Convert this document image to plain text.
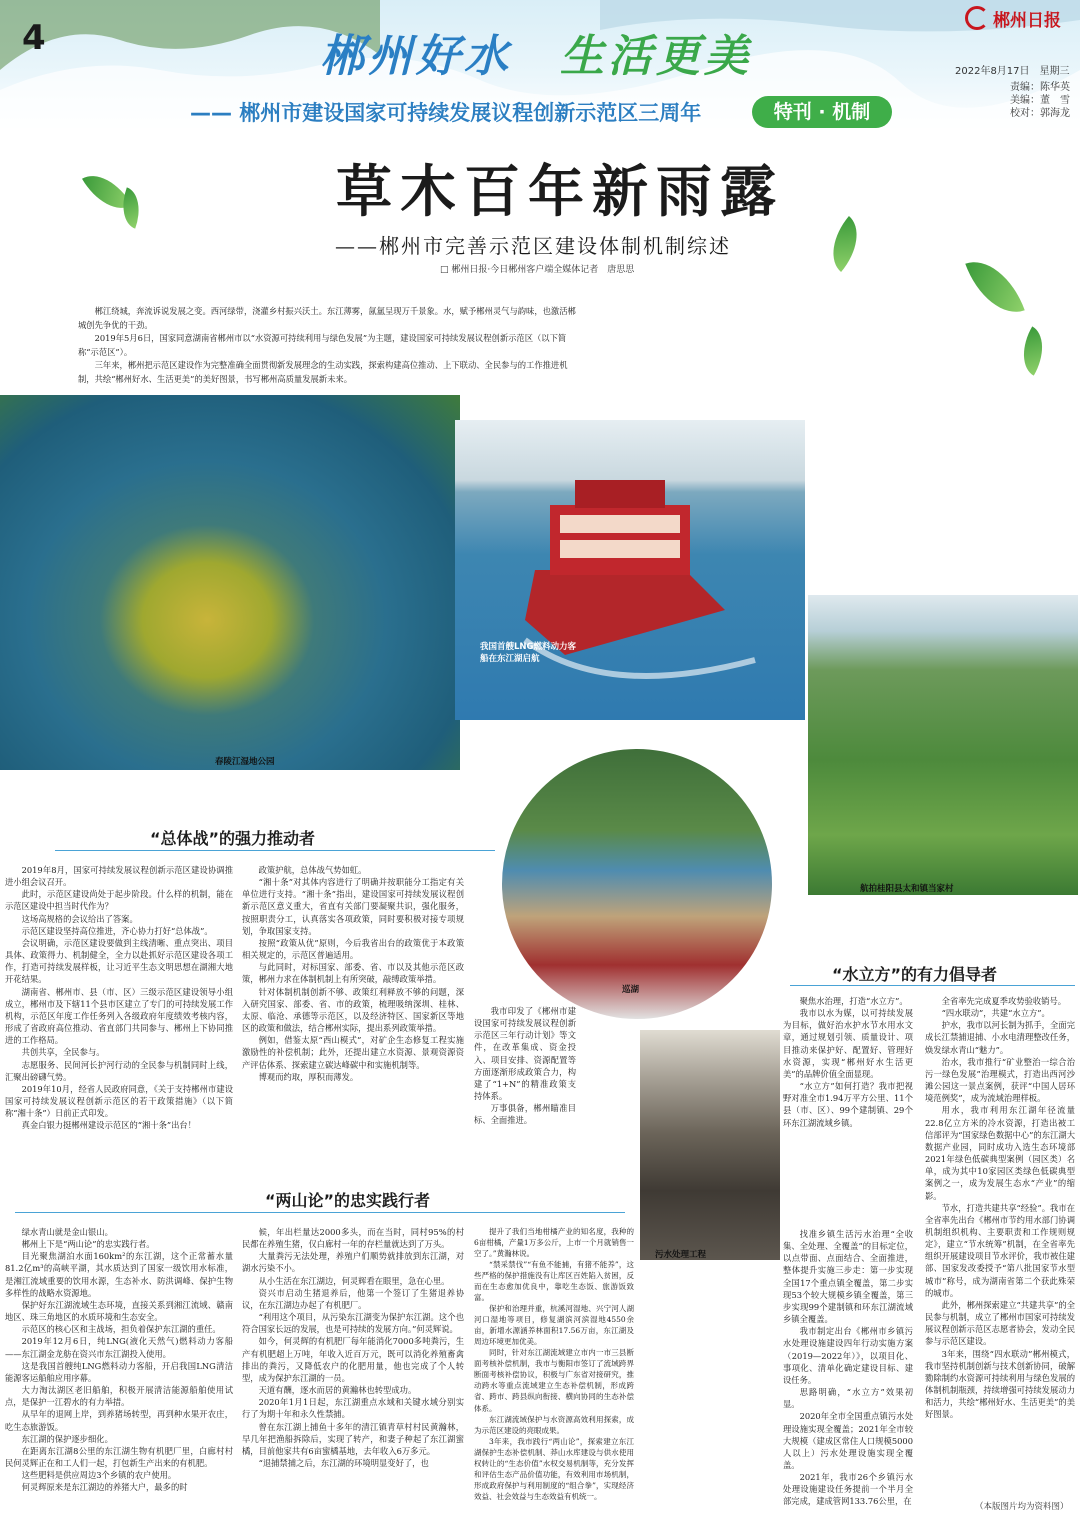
4	郴州好水　 生活更美
郴州日报
2022年8月17日　星期三
责编：陈华英
美编：董　雪
校对：郭海龙
—— 郴州市建设国家可持续发展议程创新示范区三周年	特刊 · 机制
草木百年新雨露
——郴州市完善示范区建设体制机制综述
□ 郴州日报·今日郴州客户端全媒体记者　唐思思

郴江绕城，奔流诉说发展之变。西河绿带，浇灌乡村振兴沃土。东江薄雾，氤氲呈现万千景象。水，赋予郴州灵气与韵味，也激活郴城创先争优的干劲。

2019年5月6日，国家同意湖南省郴州市以“水资源可持续利用与绿色发展”为主题，建设国家可持续发展议程创新示范区（以下简称“示范区”）。

三年来，郴州把示范区建设作为完整准确全面贯彻新发展理念的生动实践，探索构建高位推动、上下联动、全民参与的工作推进机制，共绘“郴州好水、生活更美”的美好图景，书写郴州高质量发展新未来。

春陵江湿地公园
我国首艘LNG燃料动力客船在东江湖启航
航拍桂阳县太和镇当家村
巡湖
污水处理工程
“总体战”的强力推动者

2019年8月，国家可持续发展议程创新示范区建设协调推进小组会议召开。

此时，示范区建设尚处于起步阶段。什么样的机制，能在示范区建设中担当时代作为？

这场高规格的会议给出了答案。

示范区建设坚持高位推进，齐心协力打好“总体战”。

会议明确，示范区建设要做到主线清晰、重点突出、项目具体、政策得力、机制健全，全力以赴抓好示范区建设各项工作，打造可持续发展样板，让习近平生态文明思想在湖湘大地开花结果。

湖南省、郴州市、县（市、区）三级示范区建设领导小组成立，郴州市及下辖11个县市区建立了专门的可持续发展工作机构，示范区年度工作任务列入各级政府年度绩效考核内容，形成了省政府高位推动、省直部门共同参与、郴州上下协同推进的工作格局。

共创共享，全民参与。

志愿服务、民间河长护河行动的全民参与机制同时上线，汇聚出磅礴气势。

2019年10月，经省人民政府同意，《关于支持郴州市建设国家可持续发展议程创新示范区的若干政策措施》（以下简称“湘十条”）日前正式印发。

真金白银力挺郴州建设示范区的“湘十条”出台！

政策护航，总体战气势如虹。

“湘十条”对其体内容进行了明确并按职能分工指定有关单位进行支持。“湘十条”指出，建设国家可持续发展议程创新示范区意义重大，省直有关部门要凝聚共识，强化服务，按照职责分工，认真落实各项政策，同时要积极对接专项规划，争取国家支持。

按照“政策从优”原则，今后我省出台的政策优于本政策相关规定的，示范区普遍适用。

与此同时，对标国家、部委、省、市以及其他示范区政策，郴州力求在体制机制上有所突破，敲缚政策举措。

针对体制机制创新不够、政策红利释放不够的问题，深入研究国家、部委、省、市的政策，梳理吸纳深圳、桂林、太原、临沧、承德等示范区，以及经济特区、国家新区等地区的政策和做法，结合郴州实际，提出系列政策举措。

例如，借鉴太原“西山模式”，对矿企生态修复工程实施激励性的补偿机制；此外，还提出建立水资源、景观资源资产评估体系、探索建立碳达峰碳中和实施机制等。

博观而约取，厚积而薄发。

我市印发了《郴州市建设国家可持续发展议程创新示范区三年行动计划》等文件，在改革集成、资金投入、项目安排、资源配置等方面逐渐形成政策合力，构建了“1+N”的精准政策支持体系。

万事俱备，郴州瞄准目标、全面推进。

“水立方”的有力倡导者

聚焦水治理，打造“水立方”。

我市以水为媒，以可持续发展为目标，做好治水护水节水用水文章，通过规划引领、质量设计、项目推动来保护好、配置好、管理好水资源，实现“郴州好水生活更美”的品牌价值全面显现。

“水立方”如何打造？我市把视野对准全市1.94万平方公里、11个县（市、区）、99个建制镇、29个环东江湖流域乡镇。

找准乡镇生活污水治理“全收集、全处理、全覆盖”的目标定位，以点带面、点面结合、全面推进，整体提升实施三步走：第一步实现全国17个重点镇全覆盖，第二步实现53个较大规模乡镇全覆盖，第三步实现99个建制镇和环东江湖流域乡镇全覆盖。

我市制定出台《郴州市乡镇污水处理设施建设四年行动实施方案（2019—2022年）》，以项目化、事项化、清单化确定建设目标、建设任务。

思路明确，“水立方”效果初显。

2020年全市全国重点镇污水处理设施实现全覆盖；2021年全市较大规模（建成区常住人口规模5000人以上）污水处理设施实现全覆盖。

2021年，我市26个乡镇污水处理设施建设任务提前一个半月全部完成，建成管网133.76公里，在

全省率先完成夏季攻势验收销号。

“四水联动”，共建“水立方”。

护水，我市以河长制为抓手，全面完成长江禁捕退捕、小水电清理整改任务，焕发绿水青山“魅力”。

治水，我市推行“矿业整治一综合治污一绿色发展”治理模式，打造出西河沙滩公园这一景点案例，获评“中国人居环境范例奖”，成为流域治理样板。

用水，我市利用东江湖年径流量22.8亿立方米的冷水资源，打造出被工信部评为“国家绿色数据中心”的东江湖大数据产业园，同时成功入选生态环境部2021年绿色低碳典型案例（园区类）名单，成为其中10家园区类绿色低碳典型案例之一，成为发展生态水“产业”的缩影。

节水，打造共建共享“经验”。我市在全省率先出台《郴州市节约用水部门协调机制组织机构、主要职责和工作规则规定》，建立“节水统筹”机制，在全省率先组织开展建设项目节水评价，我市被住建部、国家发改委授予“第八批国家节水型城市”称号，成为湖南省第二个获此殊荣的城市。

此外，郴州探索建立“共建共享”的全民参与机制，成立了郴州市国家可持续发展议程创新示范区志愿者协会，发动全民参与示范区建设。

3年来，围绕“四水联动”郴州模式，我市坚持机制创新与技术创新协同，破解勠除制约水资源可持续利用与绿色发展的体制机制瓶颈，持续增强可持续发展动力和活力，共绘“郴州好水、生活更美”的美好图景。

“两山论”的忠实践行者

绿水青山就是金山银山。

郴州上下是“两山论”的忠实践行者。

目光聚焦湖泊水面160km²的东江湖，这个正常蓄水量81.2亿m³的高峡平湖，其水质达到了国家一级饮用水标准，是湘江流域重要的饮用水源，生态补水、防洪调峰、保护生物多样性的战略水资源地。

保护好东江湖流域生态环境，直接关系到湘江流域、赣南地区、珠三角地区的水质环境和生态安全。

示范区的核心区和主战场，担负着保护东江湖的重任。

2019年12月6日，纯LNG(液化天然气)燃料动力客船——东江湖金龙舫在资兴市东江湖投入使用。

这是我国首艘纯LNG燃料动力客船，开启我国LNG清洁能源客运船舶应用序幕。

大力淘汰湖区老旧船舶，积极开展清洁能源船舶使用试点，是保护一江碧水的有力举措。

从早年的退网上岸，到养猪场转型，再到种水果开农庄，吃生态旅游饭。

东江湖的保护逐步细化。

在距离东江湖8公里的东江湖生物有机肥厂里，白廊村村民何灵辉正在和工人们一起，打包新生产出来的有机肥。

这些肥料是供应周边3个乡镇的农户使用。

何灵辉原来是东江湖边的养猪大户，最多的时

候，年出栏量达2000多头，而在当时，同村95%的村民都在养殖生猪，仅白廊村一年的存栏量就达到了万头。

大量粪污无法处理，养殖户们顺势就排放到东江湖，对湖水污染不小。

从小生活在东江湖边，何灵辉看在眼里，急在心里。

资兴市启动生猪退养后，他第一个签订了生猪退养协议，在东江湖边办起了有机肥厂。

“利用这个项目，从污染东江湖变为保护东江湖。这个也符合国家长远的发展，也是可持续的发展方向。”何灵辉说。

如今，何灵辉的有机肥厂每年能消化7000多吨粪污，生产有机肥超上万吨，年收入近百万元，既可以消化养殖畜禽排出的粪污，又降低农户的化肥用量，他也完成了个人转型，成为保护东江湖的一员。

天道有酬，逐水而居的黄瀚林也转型成功。

2020年1月1日起，东江湖重点水域和关键水域分别实行了为期十年和永久性禁捕。

曾在东江湖上捕鱼十多年的清江镇青草村村民黄瀚林，早几年把渔船拆除后，实现了转产，和妻子种起了东江湖蜜橘，目前他家共有6亩蜜橘基地，去年收入6万多元。

“退捕禁捕之后，东江湖的环境明显变好了，也

提升了我们当地柑橘产业的知名度，我种的6亩柑橘，产量1万多公斤，上市一个月就销售一空了。”黄瀚林说。

“禁采禁伐”“有鱼不能捕，有猪不能养”，这些严格的保护措施没有让库区百姓陷入贫困，反而在生态愈加优良中，靠吃生态饭、旅游饭致富。

保护和治理并重，杭溪河湿地、兴宁河人湖河口湿地等项目，修复湖滨河滨湿地4550余亩，新增水源涵养林面积17.56万亩，东江湖及周边环境更加优美。

同时，针对东江湖流域建立市内一市三县断面考核补偿机制，我市与衡阳市签订了流域跨界断面考核补偿协议，积极与广东省对接研究，推动跨水等重点流域建立生态补偿机制，形成跨省、跨市、跨县纵向衔接、横向协同的生态补偿体系。

东江湖流域保护与水资源高效利用探索，成为示范区建设的亮眼成果。

3年来，我市践行“两山论”，探索建立东江湖保护生态补偿机制、莽山水库建设与供水使用权转让的“生态价值”水权交易机制等，充分发挥和评估生态产品价值功能，有效利用市场机制，形成政府保护与利用制度的“组合拳”，实现经济效益、社会效益与生态效益有机统一。

（本版图片均为资料图）
